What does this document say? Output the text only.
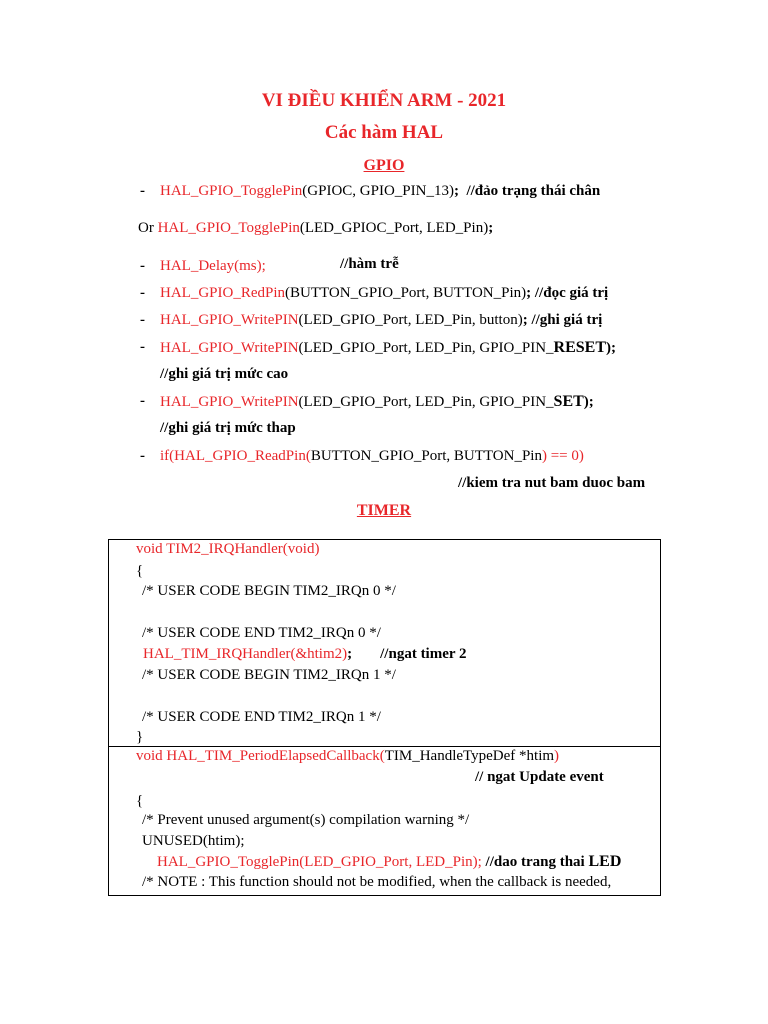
VI ĐIỀU KHIỂN ARM - 2021
Các hàm HAL
GPIO
- HAL_GPIO_TogglePin(GPIOC, GPIO_PIN_13); //đảo trạng thái chân
Or HAL_GPIO_TogglePin(LED_GPIOC_Port, LED_Pin);
- HAL_Delay(ms);	//hàm trễ
- HAL_GPIO_RedPin(BUTTON_GPIO_Port, BUTTON_Pin); //đọc giá trị
- HAL_GPIO_WritePIN(LED_GPIO_Port, LED_Pin, button); //ghi giá trị
- HAL_GPIO_WritePIN(LED_GPIO_Port, LED_Pin, GPIO_PIN_RESET);
//ghi giá trị mức cao
- HAL_GPIO_WritePIN(LED_GPIO_Port, LED_Pin, GPIO_PIN_SET);
//ghi giá trị mức thap
- if(HAL_GPIO_ReadPin(BUTTON_GPIO_Port, BUTTON_Pin) == 0)
//kiem tra nut bam duoc bam
TIMER
void TIM2_IRQHandler(void)
{
/* USER CODE BEGIN TIM2_IRQn 0 */
/* USER CODE END TIM2_IRQn 0 */
HAL_TIM_IRQHandler(&htim2); //ngat timer 2
/* USER CODE BEGIN TIM2_IRQn 1 */
/* USER CODE END TIM2_IRQn 1 */
}
void HAL_TIM_PeriodElapsedCallback(TIM_HandleTypeDef *htim)
// ngat Update event
{
/* Prevent unused argument(s) compilation warning */
UNUSED(htim);
HAL_GPIO_TogglePin(LED_GPIO_Port, LED_Pin); //dao trang thai LED
/* NOTE : This function should not be modified, when the callback is needed,
